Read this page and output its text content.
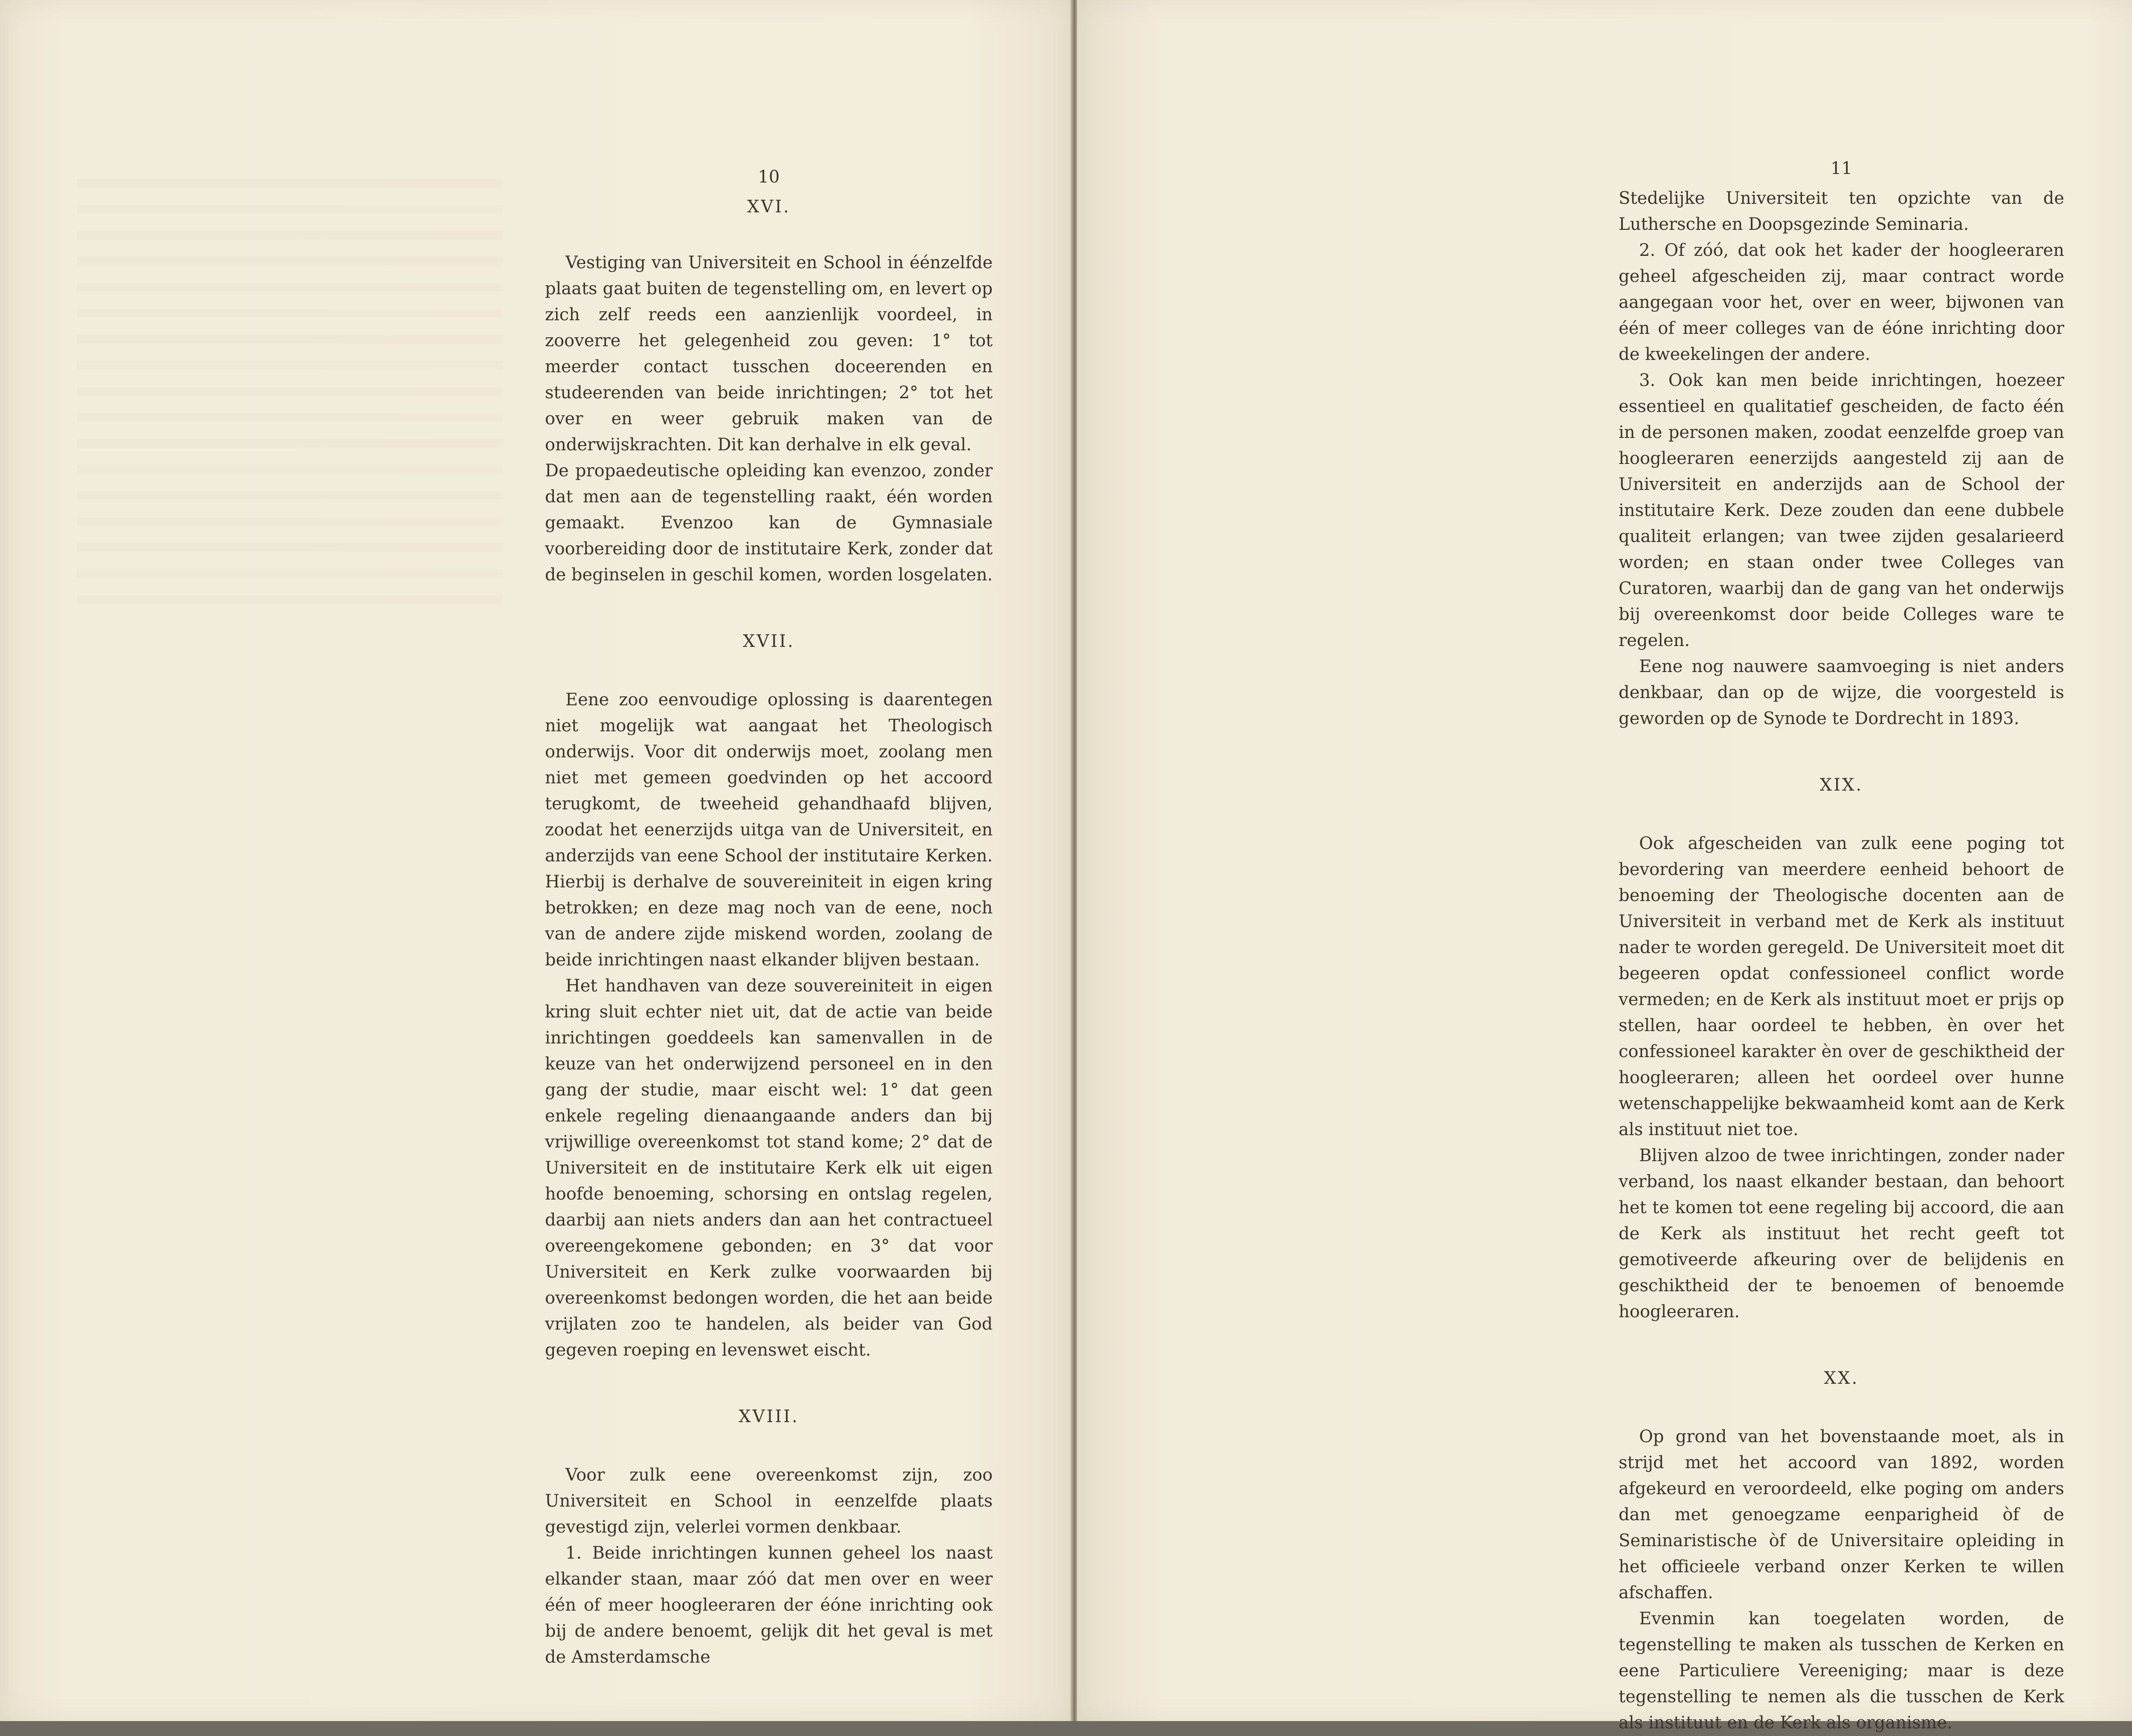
10
XVI.

Vestiging van Universiteit en School in éénzelfde plaats gaat buiten de tegenstelling om, en levert op zich zelf reeds een aanzienlijk voordeel, in zooverre het gelegenheid zou geven: 1° tot meerder contact tusschen doceerenden en studeerenden van beide inrichtingen; 2° tot het over en weer gebruik maken van de onderwijskrachten. Dit kan derhalve in elk geval.

De propaedeutische opleiding kan evenzoo, zonder dat men aan de tegenstelling raakt, één worden gemaakt. Evenzoo kan de Gymnasiale voorbereiding door de institutaire Kerk, zonder dat de beginselen in geschil komen, worden losgelaten.

XVII.

Eene zoo eenvoudige oplossing is daarentegen niet mogelijk wat aangaat het Theologisch onderwijs. Voor dit onderwijs moet, zoolang men niet met gemeen goedvinden op het accoord terugkomt, de tweeheid gehandhaafd blijven, zoodat het eenerzijds uitga van de Universiteit, en anderzijds van eene School der institutaire Kerken. Hierbij is derhalve de souvereiniteit in eigen kring betrokken; en deze mag noch van de eene, noch van de andere zijde miskend worden, zoolang de beide inrichtingen naast elkander blijven bestaan.

Het handhaven van deze souvereiniteit in eigen kring sluit echter niet uit, dat de actie van beide inrichtingen goeddeels kan samenvallen in de keuze van het onderwijzend personeel en in den gang der studie, maar eischt wel: 1° dat geen enkele regeling dienaangaande anders dan bij vrijwillige overeenkomst tot stand kome; 2° dat de Universiteit en de institutaire Kerk elk uit eigen hoofde benoeming, schorsing en ontslag regelen, daarbij aan niets anders dan aan het contractueel overeengekomene gebonden; en 3° dat voor Universiteit en Kerk zulke voorwaarden bij overeenkomst bedongen worden, die het aan beide vrijlaten zoo te handelen, als beider van God gegeven roeping en levenswet eischt.

XVIII.

Voor zulk eene overeenkomst zijn, zoo Universiteit en School in eenzelfde plaats gevestigd zijn, velerlei vormen denkbaar.

1. Beide inrichtingen kunnen geheel los naast elkander staan, maar zóó dat men over en weer één of meer hoogleeraren der éóne inrichting ook bij de andere benoemt, gelijk dit het geval is met de Amsterdamsche

11

Stedelijke Universiteit ten opzichte van de Luthersche en Doopsgezinde Seminaria.

2. Of zóó, dat ook het kader der hoogleeraren geheel afgescheiden zij, maar contract worde aangegaan voor het, over en weer, bijwonen van één of meer colleges van de éóne inrichting door de kweekelingen der andere.

3. Ook kan men beide inrichtingen, hoezeer essentieel en qualitatief gescheiden, de facto één in de personen maken, zoodat eenzelfde groep van hoogleeraren eenerzijds aangesteld zij aan de Universiteit en anderzijds aan de School der institutaire Kerk. Deze zouden dan eene dubbele qualiteit erlangen; van twee zijden gesalarieerd worden; en staan onder twee Colleges van Curatoren, waarbij dan de gang van het onderwijs bij overeenkomst door beide Colleges ware te regelen.

Eene nog nauwere saamvoeging is niet anders denkbaar, dan op de wijze, die voorgesteld is geworden op de Synode te Dordrecht in 1893.

XIX.

Ook afgescheiden van zulk eene poging tot bevordering van meerdere eenheid behoort de benoeming der Theologische docenten aan de Universiteit in verband met de Kerk als instituut nader te worden geregeld. De Universiteit moet dit begeeren opdat confessioneel conflict worde vermeden; en de Kerk als instituut moet er prijs op stellen, haar oordeel te hebben, èn over het confessioneel karakter èn over de geschiktheid der hoogleeraren; alleen het oordeel over hunne wetenschappelijke bekwaamheid komt aan de Kerk als instituut niet toe.

Blijven alzoo de twee inrichtingen, zonder nader verband, los naast elkander bestaan, dan behoort het te komen tot eene regeling bij accoord, die aan de Kerk als instituut het recht geeft tot gemotiveerde afkeuring over de belijdenis en geschiktheid der te benoemen of benoemde hoogleeraren.

XX.

Op grond van het bovenstaande moet, als in strijd met het accoord van 1892, worden afgekeurd en veroordeeld, elke poging om anders dan met genoegzame eenparigheid òf de Seminaristische òf de Universitaire opleiding in het officieele verband onzer Kerken te willen afschaffen.

Evenmin kan toegelaten worden, de tegenstelling te maken als tusschen de Kerken en eene Particuliere Vereeniging; maar is deze tegenstelling te nemen als die tusschen de Kerk als instituut en de Kerk als organisme.
